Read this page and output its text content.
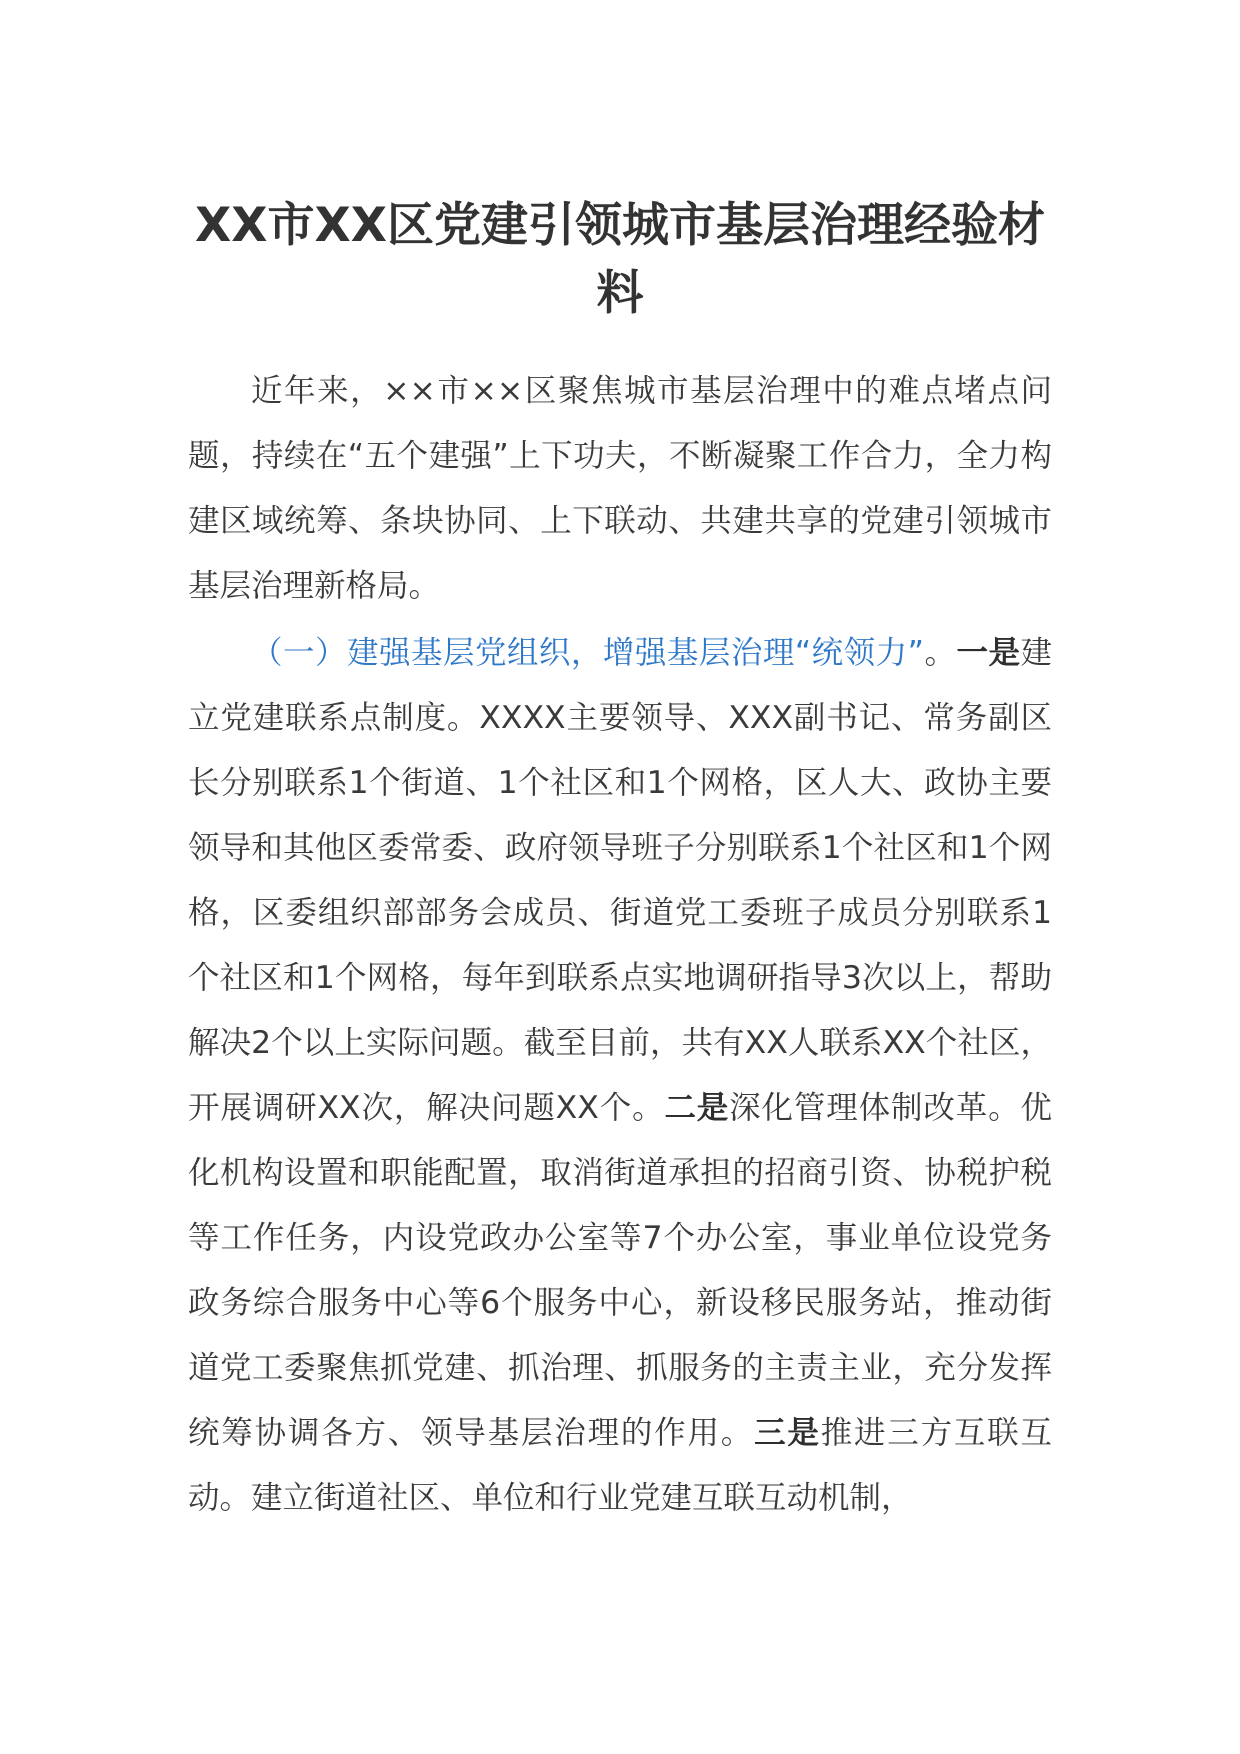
XX市XX区党建引领城市基层治理经验材料

近年来，××市××区聚焦城市基层治理中的难点堵点问题，持续在“五个建强”上下功夫，不断凝聚工作合力，全力构建区域统筹、条块协同、上下联动、共建共享的党建引领城市基层治理新格局。

（一）建强基层党组织，增强基层治理“统领力”。一是建立党建联系点制度。XXXX主要领导、XXX副书记、常务副区长分别联系1个街道、1个社区和1个网格，区人大、政协主要领导和其他区委常委、政府领导班子分别联系1个社区和1个网格，区委组织部部务会成员、街道党工委班子成员分别联系1个社区和1个网格，每年到联系点实地调研指导3次以上，帮助解决2个以上实际问题。截至目前，共有XX人联系XX个社区，开展调研XX次，解决问题XX个。二是深化管理体制改革。优化机构设置和职能配置，取消街道承担的招商引资、协税护税等工作任务，内设党政办公室等7个办公室，事业单位设党务政务综合服务中心等6个服务中心，新设移民服务站，推动街道党工委聚焦抓党建、抓治理、抓服务的主责主业，充分发挥统筹协调各方、领导基层治理的作用。三是推进三方互联互动。建立街道社区、单位和行业党建互联互动机制，
